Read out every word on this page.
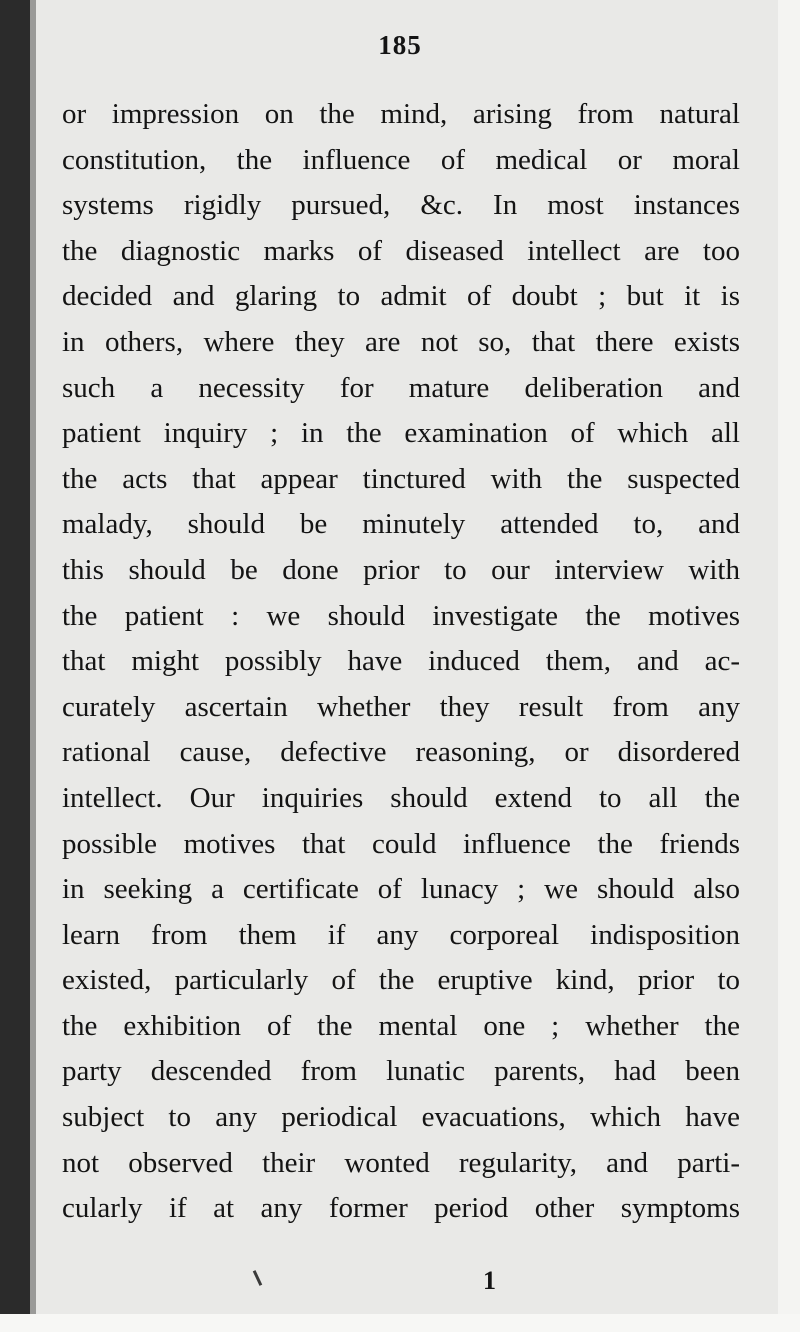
185
or impression on the mind, arising from natural
constitution, the influence of medical or moral
systems rigidly pursued, &c. In most instances
the diagnostic marks of diseased intellect are too
decided and glaring to admit of doubt ; but it is
in others, where they are not so, that there exists
such a necessity for mature deliberation and
patient inquiry ; in the examination of which all
the acts that appear tinctured with the suspected
malady, should be minutely attended to, and
this should be done prior to our interview with
the patient : we should investigate the motives
that might possibly have induced them, and ac-
curately ascertain whether they result from any
rational cause, defective reasoning, or disordered
intellect. Our inquiries should extend to all the
possible motives that could influence the friends
in seeking a certificate of lunacy ; we should also
learn from them if any corporeal indisposition
existed, particularly of the eruptive kind, prior to
the exhibition of the mental one ; whether the
party descended from lunatic parents, had been
subject to any periodical evacuations, which have
not observed their wonted regularity, and parti-
cularly if at any former period other symptoms
1
